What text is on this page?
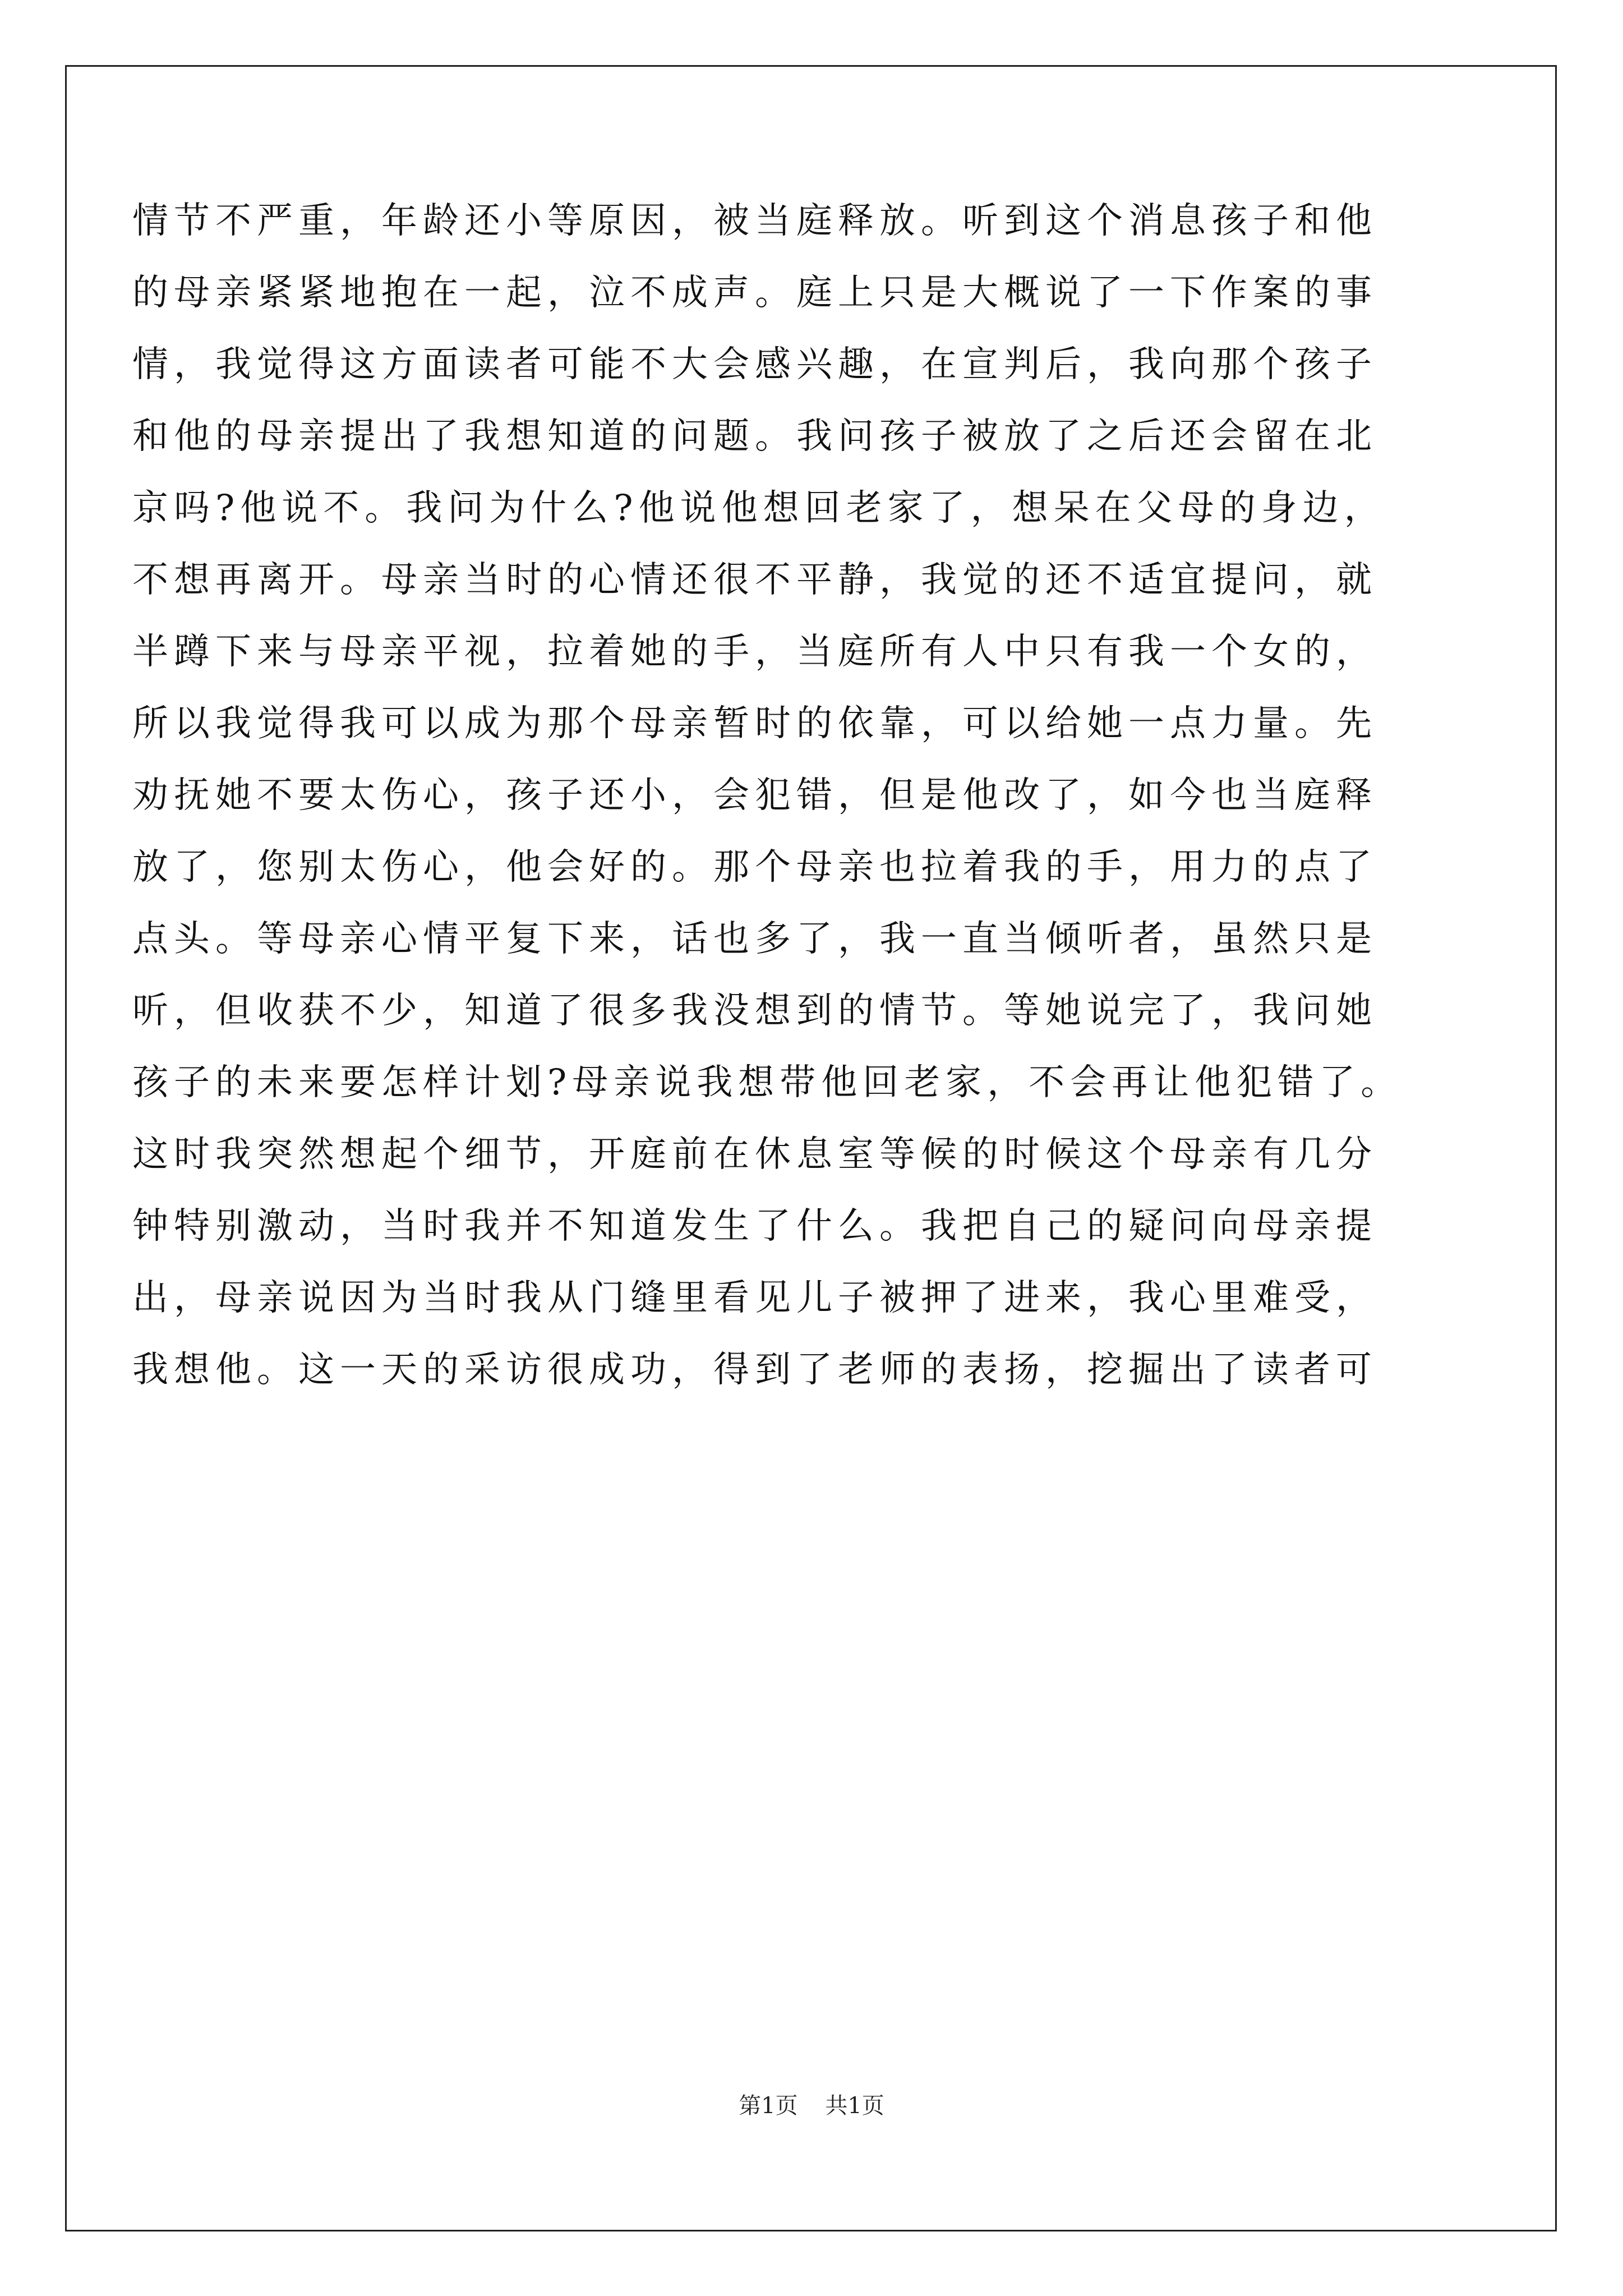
情节不严重，年龄还小等原因，被当庭释放。听到这个消息孩子和他
的母亲紧紧地抱在一起，泣不成声。庭上只是大概说了一下作案的事
情，我觉得这方面读者可能不大会感兴趣，在宣判后，我向那个孩子
和他的母亲提出了我想知道的问题。我问孩子被放了之后还会留在北
京吗?他说不。我问为什么?他说他想回老家了，想呆在父母的身边，
不想再离开。母亲当时的心情还很不平静，我觉的还不适宜提问，就
半蹲下来与母亲平视，拉着她的手，当庭所有人中只有我一个女的，
所以我觉得我可以成为那个母亲暂时的依靠，可以给她一点力量。先
劝抚她不要太伤心，孩子还小，会犯错，但是他改了，如今也当庭释
放了，您别太伤心，他会好的。那个母亲也拉着我的手，用力的点了
点头。等母亲心情平复下来，话也多了，我一直当倾听者，虽然只是
听，但收获不少，知道了很多我没想到的情节。等她说完了，我问她
孩子的未来要怎样计划?母亲说我想带他回老家，不会再让他犯错了。
这时我突然想起个细节，开庭前在休息室等候的时候这个母亲有几分
钟特别激动，当时我并不知道发生了什么。我把自己的疑问向母亲提
出，母亲说因为当时我从门缝里看见儿子被押了进来，我心里难受，
我想他。这一天的采访很成功，得到了老师的表扬，挖掘出了读者可
第1页 共1页
